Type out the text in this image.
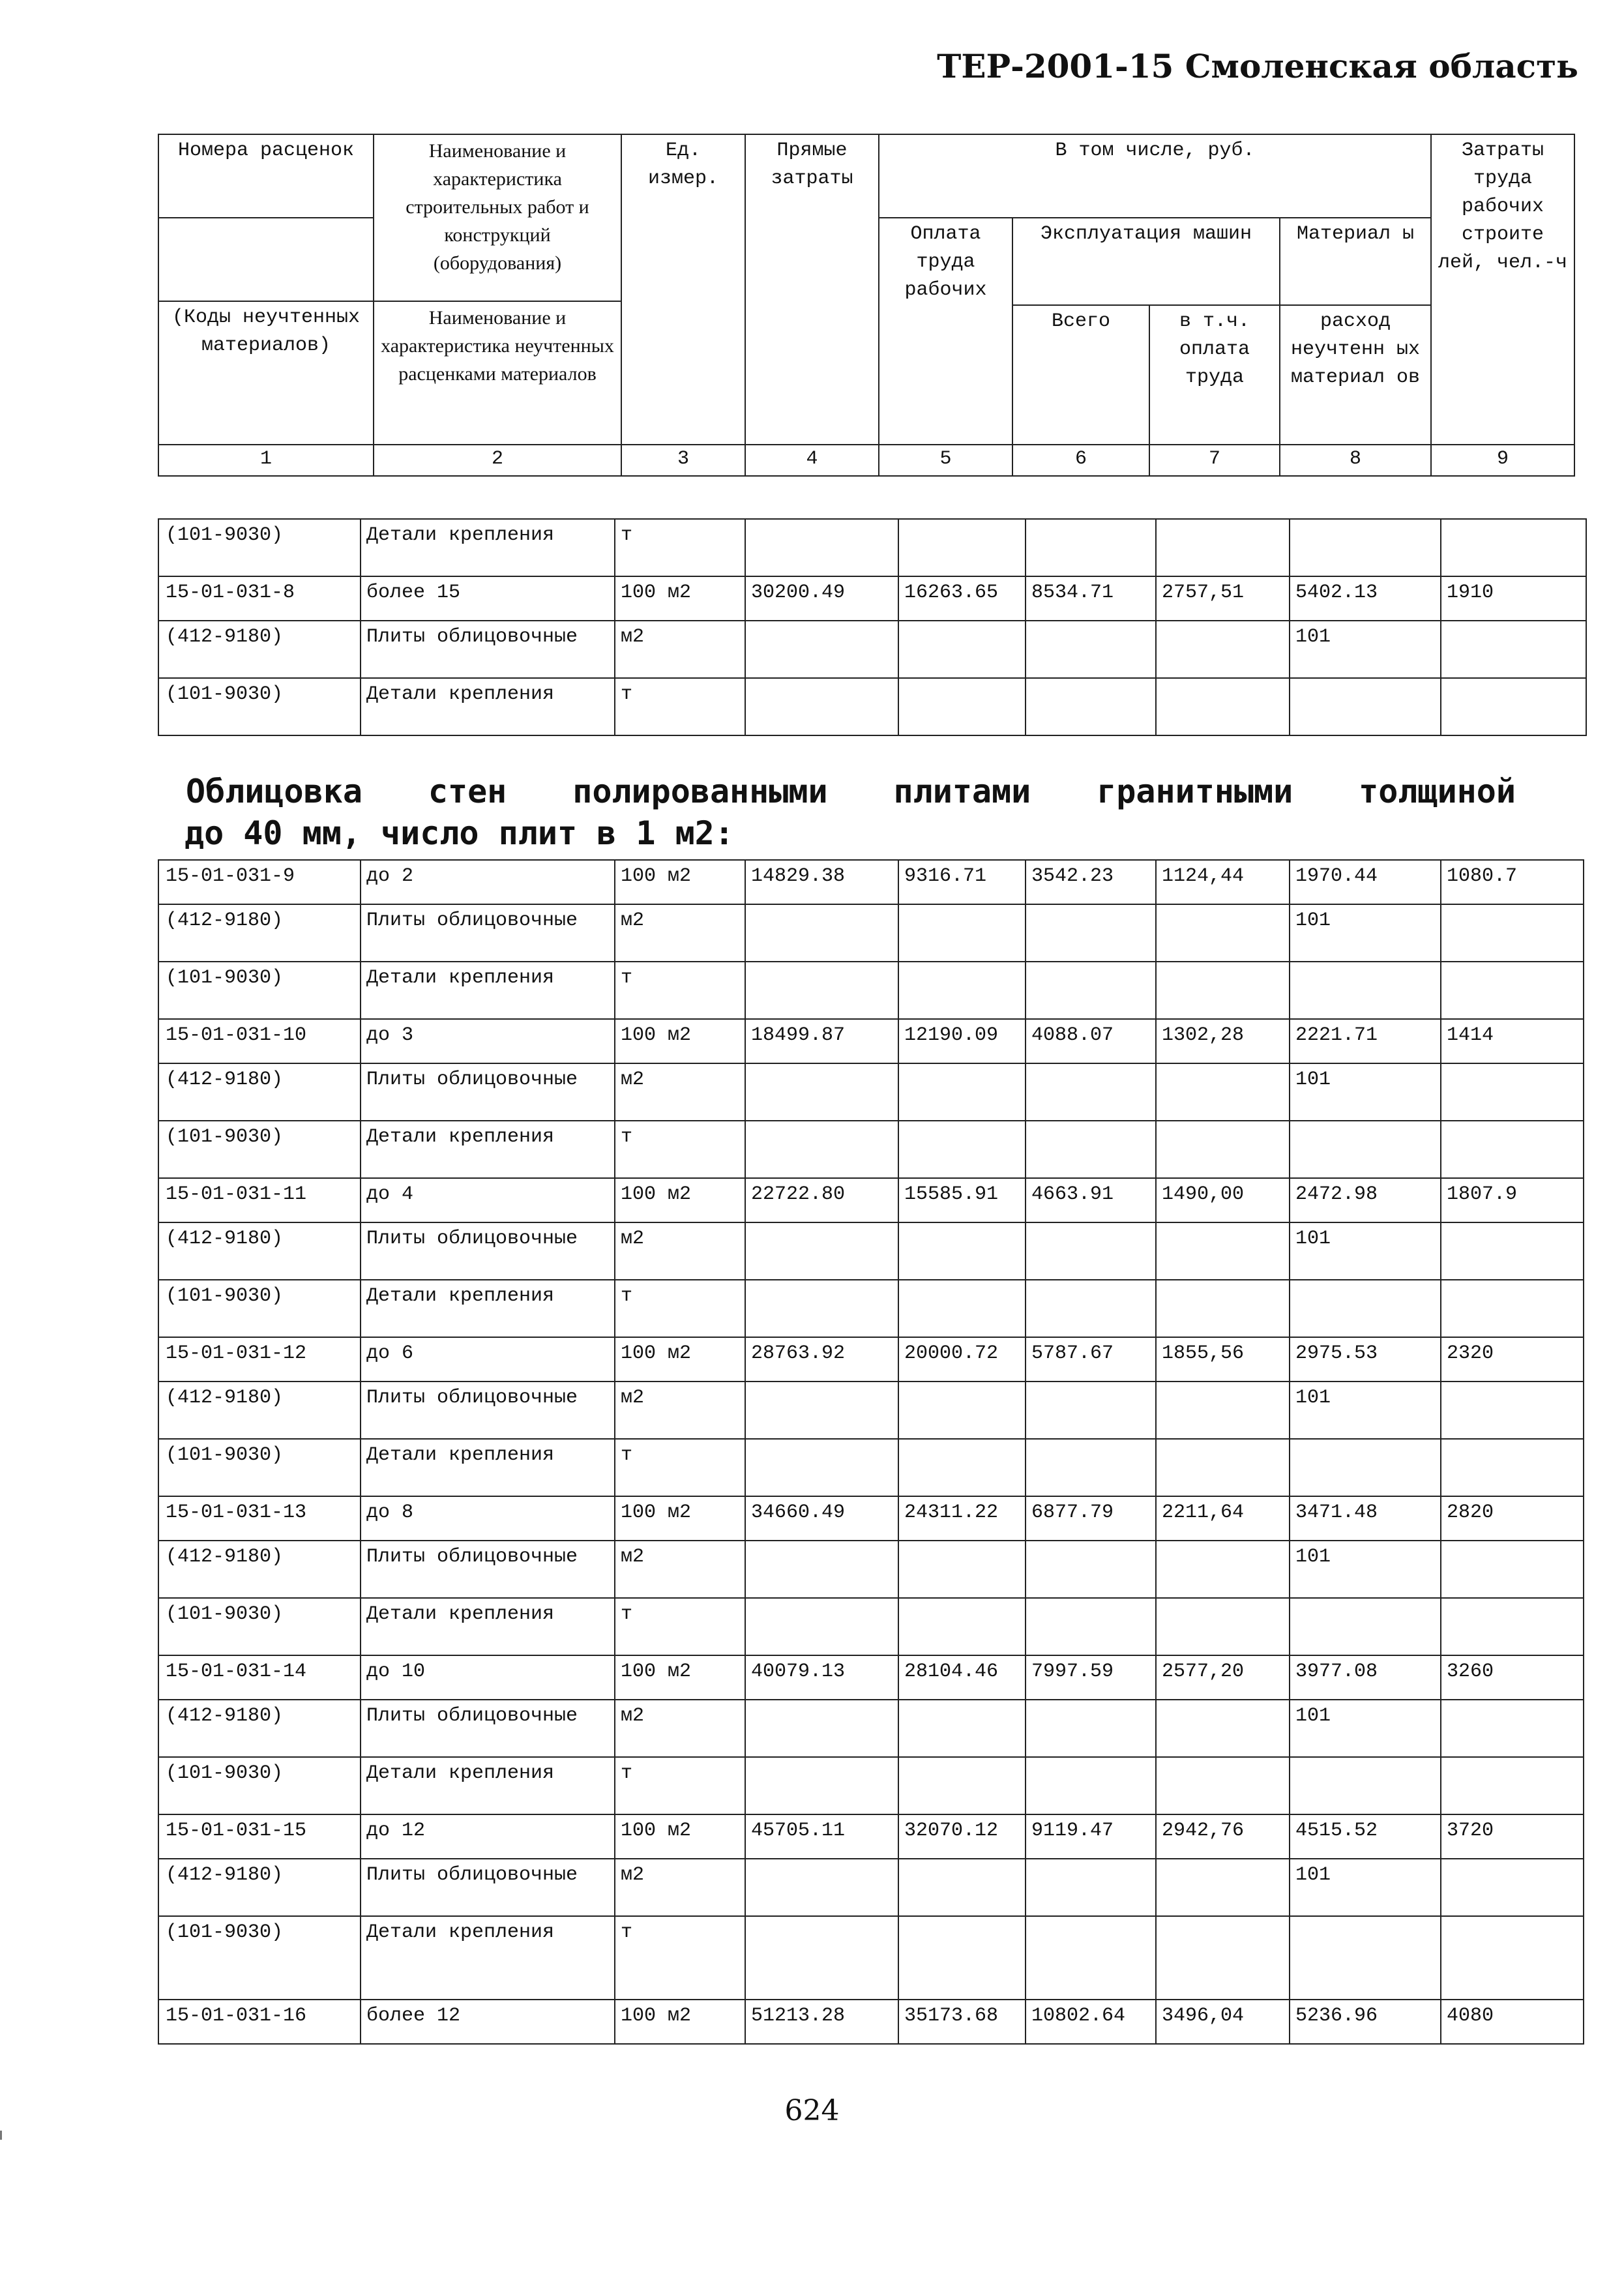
ТЕР-2001-15 Смоленская область
Номера расценок	Наименование и характеристика строительных работ и конструкций (оборудования)	Ед. измер.	Прямые затраты	В том числе, руб.				Затраты труда рабочих строите лей, чел.-ч
				Оплата труда рабочих	Эксплуатация машин		Материал ы	
(Коды неучтенных материалов)	Наименование и характеристика неучтенных расценками материалов							
					Всего	в т.ч. оплата труда	расход неучтенн ых материал ов	
1	2	3	4	5	6	7	8	9
(101-9030)	Детали крепления	т						
15-01-031-8	более 15	100 м2	30200.49	16263.65	8534.71	2757,51	5402.13	1910
(412-9180)	Плиты облицовочные	м2					101	
(101-9030)	Детали крепления	т						
Облицовка стен полированными плитами гранитными толщиной
до 40 мм, число плит в 1 м2:
15-01-031-9	до 2	100 м2	14829.38	9316.71	3542.23	1124,44	1970.44	1080.7
(412-9180)	Плиты облицовочные	м2					101	
(101-9030)	Детали крепления	т						
15-01-031-10	до 3	100 м2	18499.87	12190.09	4088.07	1302,28	2221.71	1414
(412-9180)	Плиты облицовочные	м2					101	
(101-9030)	Детали крепления	т						
15-01-031-11	до 4	100 м2	22722.80	15585.91	4663.91	1490,00	2472.98	1807.9
(412-9180)	Плиты облицовочные	м2					101	
(101-9030)	Детали крепления	т						
15-01-031-12	до 6	100 м2	28763.92	20000.72	5787.67	1855,56	2975.53	2320
(412-9180)	Плиты облицовочные	м2					101	
(101-9030)	Детали крепления	т						
15-01-031-13	до 8	100 м2	34660.49	24311.22	6877.79	2211,64	3471.48	2820
(412-9180)	Плиты облицовочные	м2					101	
(101-9030)	Детали крепления	т						
15-01-031-14	до 10	100 м2	40079.13	28104.46	7997.59	2577,20	3977.08	3260
(412-9180)	Плиты облицовочные	м2					101	
(101-9030)	Детали крепления	т						
15-01-031-15	до 12	100 м2	45705.11	32070.12	9119.47	2942,76	4515.52	3720
(412-9180)	Плиты облицовочные	м2					101	
(101-9030)	Детали крепления	т						
15-01-031-16	более 12	100 м2	51213.28	35173.68	10802.64	3496,04	5236.96	4080

624
